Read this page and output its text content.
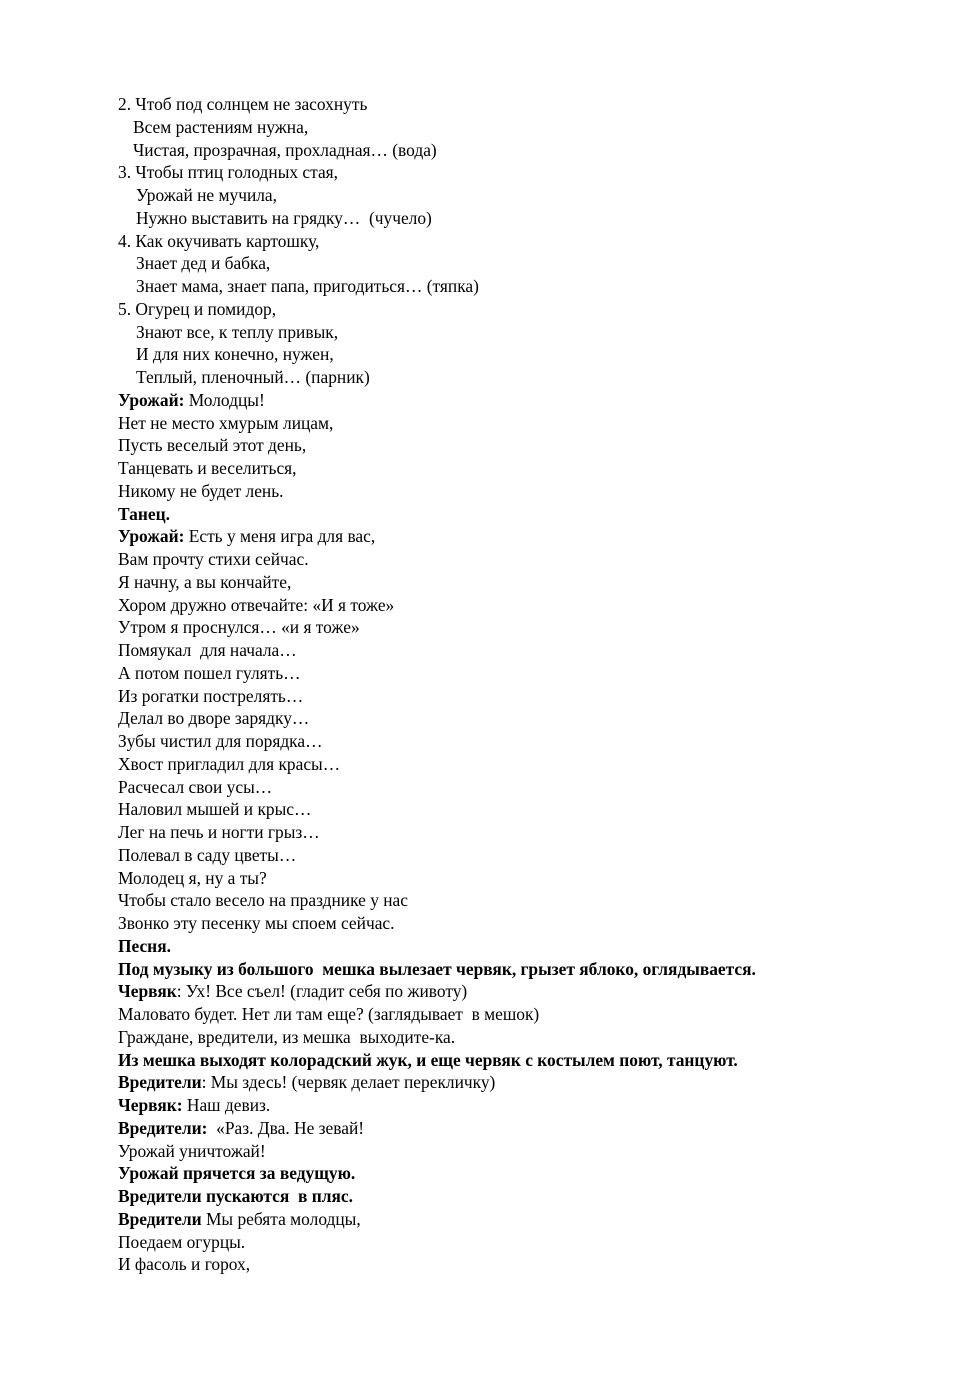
2. Чтоб под солнцем не засохнуть
Всем растениям нужна,
Чистая, прозрачная, прохладная… (вода)
3. Чтобы птиц голодных стая,
Урожай не мучила,
Нужно выставить на грядку…  (чучело)
4. Как окучивать картошку,
Знает дед и бабка,
Знает мама, знает папа, пригодиться… (тяпка)
5. Огурец и помидор,
Знают все, к теплу привык,
И для них конечно, нужен,
Теплый, пленочный… (парник)
Урожай: Молодцы!
Нет не место хмурым лицам,
Пусть веселый этот день,
Танцевать и веселиться,
Никому не будет лень.
Танец.
Урожай: Есть у меня игра для вас,
Вам прочту стихи сейчас.
Я начну, а вы кончайте,
Хором дружно отвечайте: «И я тоже»
Утром я проснулся… «и я тоже»
Помяукал  для начала…
А потом пошел гулять…
Из рогатки пострелять…
Делал во дворе зарядку…
Зубы чистил для порядка…
Хвост пригладил для красы…
Расчесал свои усы…
Наловил мышей и крыс…
Лег на печь и ногти грыз…
Полевал в саду цветы…
Молодец я, ну а ты?
Чтобы стало весело на празднике у нас
Звонко эту песенку мы споем сейчас.
Песня.
Под музыку из большого  мешка вылезает червяк, грызет яблоко, оглядывается.
Червяк: Ух! Все съел! (гладит себя по животу)
Маловато будет. Нет ли там еще? (заглядывает  в мешок)
Граждане, вредители, из мешка  выходите-ка.
Из мешка выходят колорадский жук, и еще червяк с костылем поют, танцуют.
Вредители: Мы здесь! (червяк делает перекличку)
Червяк: Наш девиз.
Вредители:  «Раз. Два. Не зевай!
Урожай уничтожай!
Урожай прячется за ведущую.
Вредители пускаются  в пляс.
Вредители Мы ребята молодцы,
Поедаем огурцы.
И фасоль и горох,
